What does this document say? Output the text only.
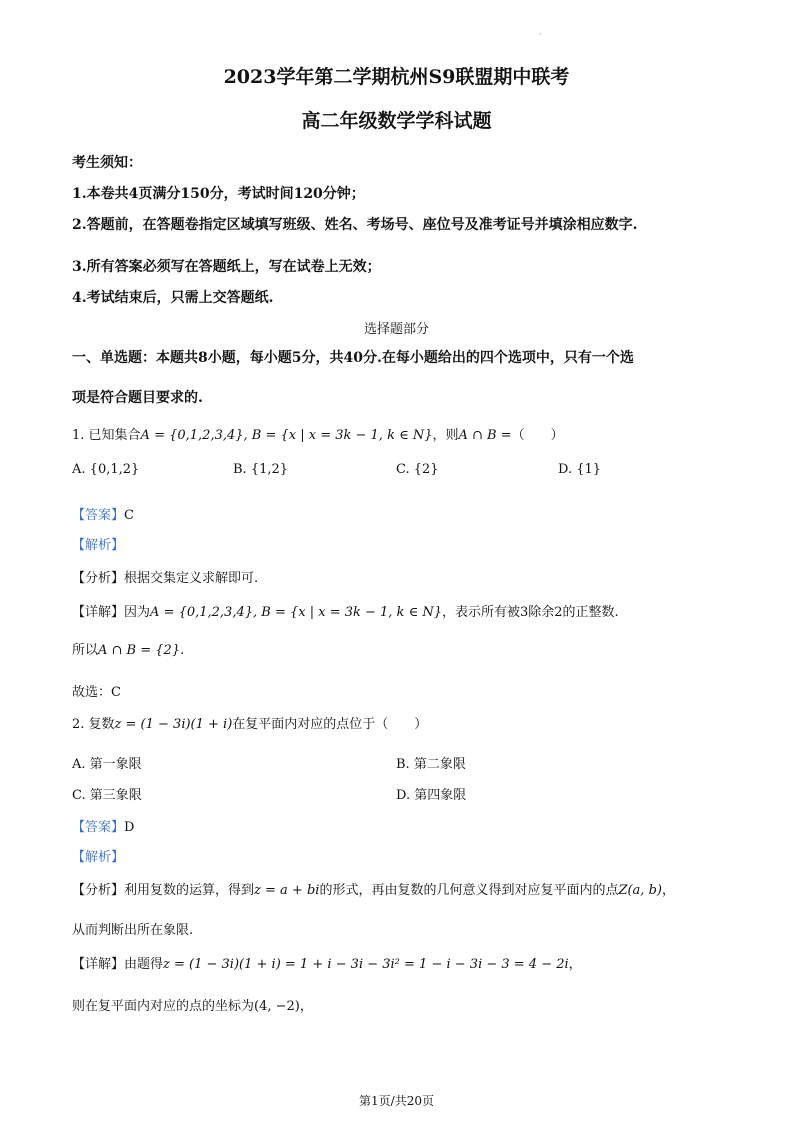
·
2023学年第二学期杭州S9联盟期中联考
高二年级数学学科试题
考生须知：
1.本卷共4页满分150分，考试时间120分钟；
2.答题前，在答题卷指定区域填写班级、姓名、考场号、座位号及准考证号并填涂相应数字.
3.所有答案必须写在答题纸上，写在试卷上无效；
4.考试结束后，只需上交答题纸.
选择题部分
一、单选题：本题共8小题，每小题5分，共40分.在每小题给出的四个选项中，只有一个选
项是符合题目要求的.
1. 已知集合A = {0,1,2,3,4}, B = {x | x = 3k − 1, k ∈ N}，则A ∩ B =（　　）
A. {0,1,2}	B. {1,2}	C. {2}	D. {1}
【答案】C
【解析】
【分析】根据交集定义求解即可.
【详解】因为A = {0,1,2,3,4}, B = {x | x = 3k − 1, k ∈ N}，表示所有被3除余2的正整数.
所以A ∩ B = {2}.
故选：C
2. 复数z = (1 − 3i)(1 + i)在复平面内对应的点位于（　　）
A. 第一象限	B. 第二象限
C. 第三象限	D. 第四象限
【答案】D
【解析】
【分析】利用复数的运算，得到z = a + bi的形式，再由复数的几何意义得到对应复平面内的点Z(a, b)，
从而判断出所在象限.
【详解】由题得z = (1 − 3i)(1 + i) = 1 + i − 3i − 3i² = 1 − i − 3i − 3 = 4 − 2i，
则在复平面内对应的点的坐标为(4, −2)，
第1页/共20页
